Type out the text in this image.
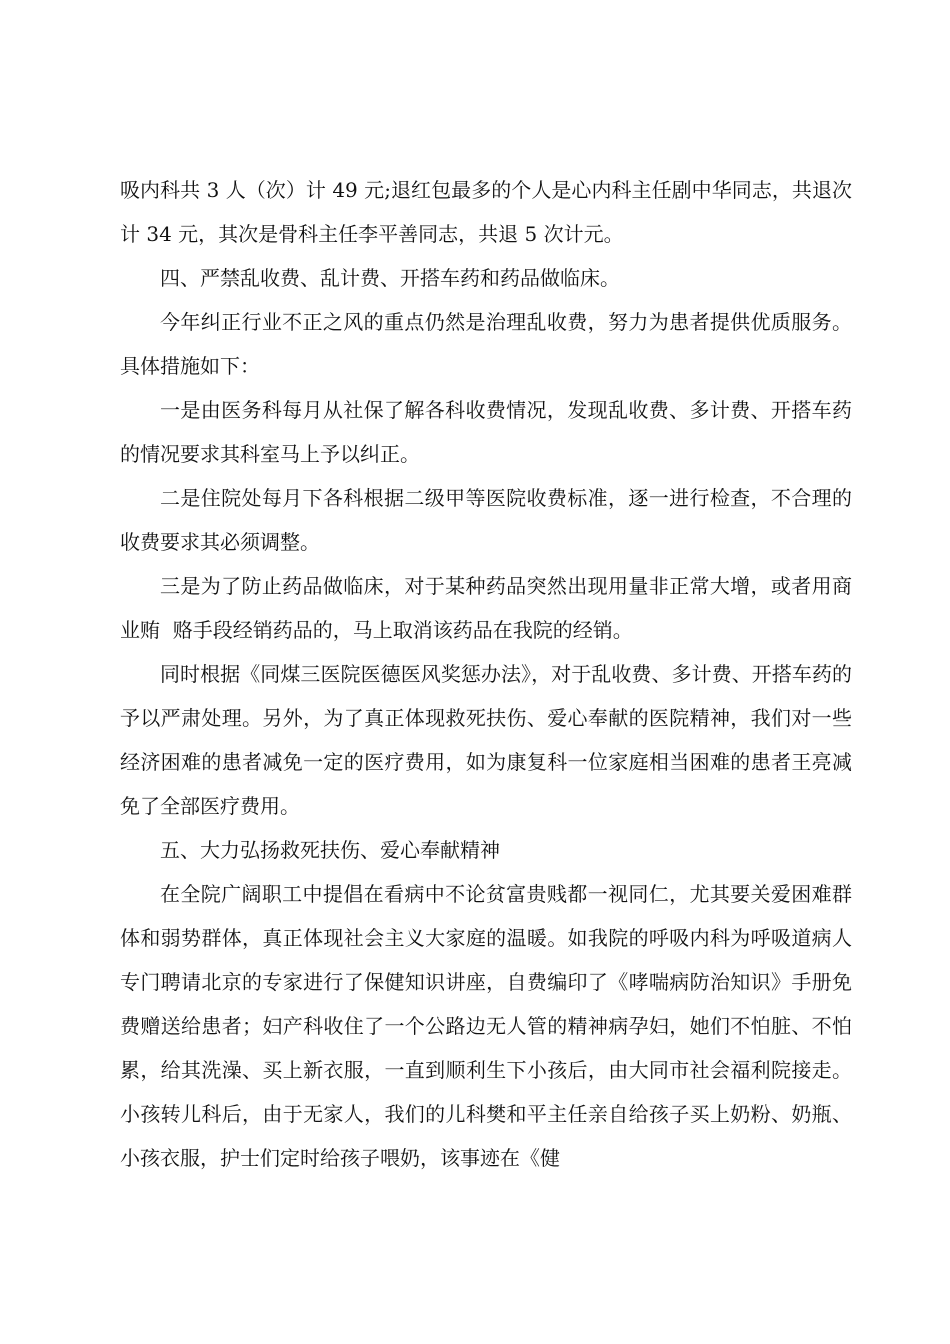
吸内科共 3 人（次）计 49 元;退红包最多的个人是心内科主任剧中华同志，共退次计 34 元，其次是骨科主任李平善同志，共退 5 次计元。

四、严禁乱收费、乱计费、开搭车药和药品做临床。

今年纠正行业不正之风的重点仍然是治理乱收费，努力为患者提供优质服务。具体措施如下：

一是由医务科每月从社保了解各科收费情况，发现乱收费、多计费、开搭车药的情况要求其科室马上予以纠正。

二是住院处每月下各科根据二级甲等医院收费标准，逐一进行检查，不合理的收费要求其必须调整。

三是为了防止药品做临床，对于某种药品突然出现用量非正常大增，或者用商业贿  赂手段经销药品的，马上取消该药品在我院的经销。

同时根据《同煤三医院医德医风奖惩办法》，对于乱收费、多计费、开搭车药的予以严肃处理。另外，为了真正体现救死扶伤、爱心奉献的医院精神，我们对一些经济困难的患者减免一定的医疗费用，如为康复科一位家庭相当困难的患者王亮减免了全部医疗费用。

五、大力弘扬救死扶伤、爱心奉献精神

在全院广阔职工中提倡在看病中不论贫富贵贱都一视同仁，尤其要关爱困难群体和弱势群体，真正体现社会主义大家庭的温暖。如我院的呼吸内科为呼吸道病人专门聘请北京的专家进行了保健知识讲座，自费编印了《哮喘病防治知识》手册免费赠送给患者；妇产科收住了一个公路边无人管的精神病孕妇，她们不怕脏、不怕累，给其洗澡、买上新衣服，一直到顺利生下小孩后，由大同市社会福利院接走。小孩转儿科后，由于无家人，我们的儿科樊和平主任亲自给孩子买上奶粉、奶瓶、小孩衣服，护士们定时给孩子喂奶，该事迹在《健
